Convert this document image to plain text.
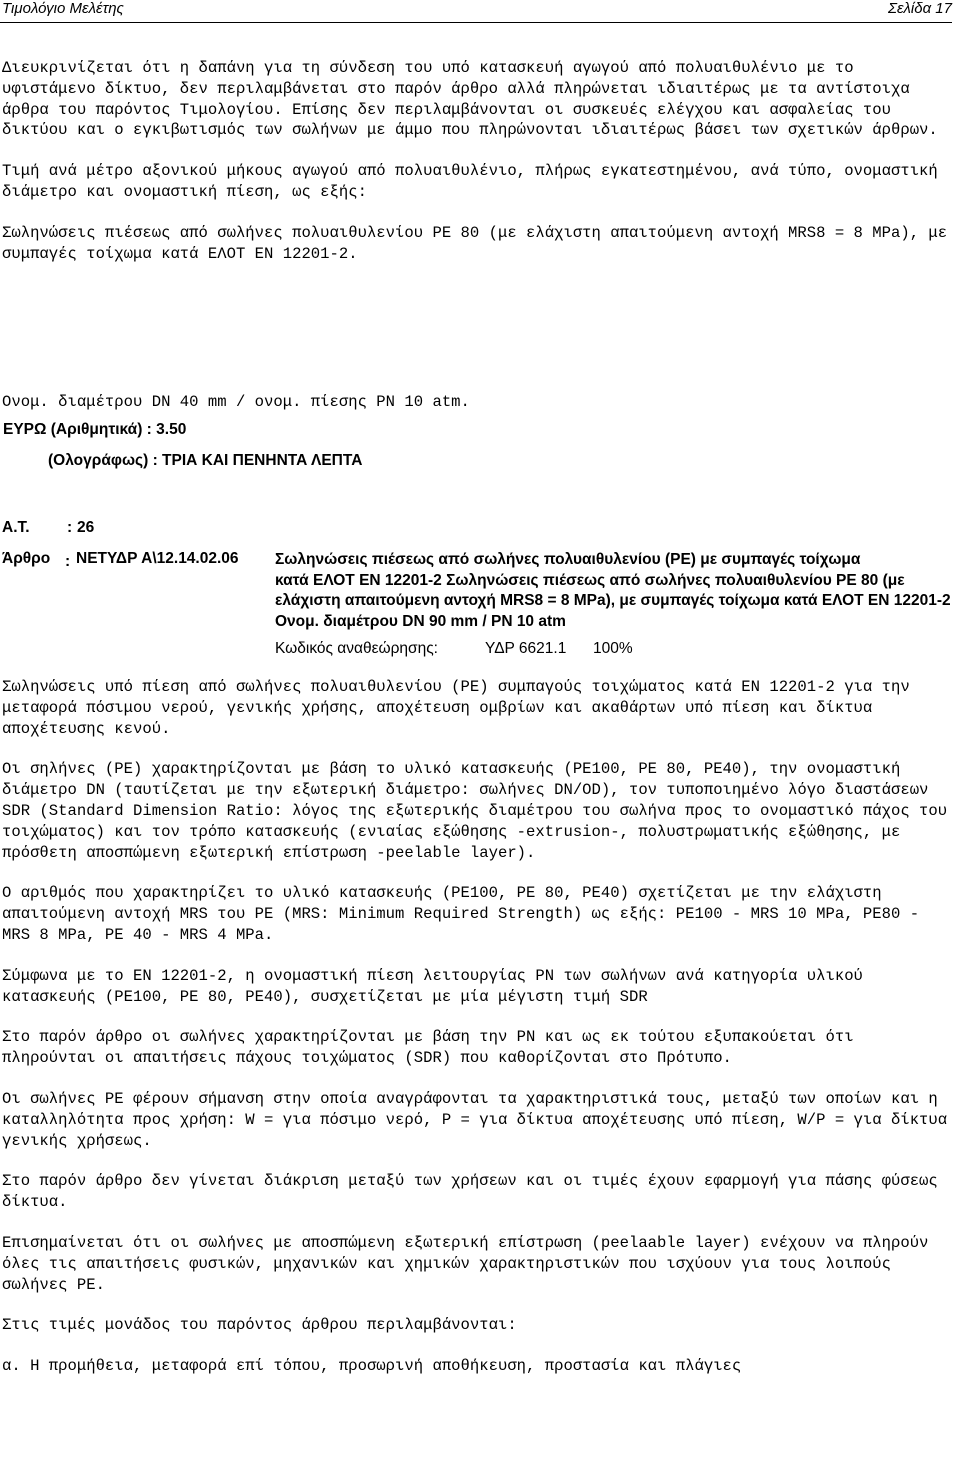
Τιμολόγιο Μελέτης	Σελίδα 17

Διευκρινίζεται ότι η δαπάνη για τη σύνδεση του υπό κατασκευή αγωγού από πολυαιθυλένιο με το υφιστάμενο δίκτυο, δεν περιλαμβάνεται στο παρόν άρθρο αλλά πληρώνεται ιδιαιτέρως με τα αντίστοιχα άρθρα του παρόντος Τιμολογίου. Επίσης δεν περιλαμβάνονται οι συσκευές ελέγχου και ασφαλείας του δικτύου και ο εγκιβωτισμός των σωλήνων με άμμο που πληρώνονται ιδιαιτέρως βάσει των σχετικών άρθρων.

Τιμή ανά μέτρο αξονικού μήκους αγωγού από πολυαιθυλένιο, πλήρως εγκατεστημένου, ανά τύπο, ονομαστική διάμετρο και ονομαστική πίεση, ως εξής:

Σωληνώσεις πιέσεως από σωλήνες πολυαιθυλενίου PE 80 (με ελάχιστη απαιτούμενη αντοχή MRS8 = 8 MPa), με συμπαγές τοίχωμα κατά ΕΛΟΤ ΕΝ 12201-2.

Ονομ. διαμέτρου DN 40 mm / ονομ. πίεσης PN 10 atm.
ΕΥΡΩ (Αριθμητικά) : 3.50
(Ολογράφως) : ΤΡΙΑ ΚΑΙ ΠΕΝΗΝΤΑ ΛΕΠΤΑ
Α.Τ. : 26
Άρθρο : ΝΕΤΥΔΡ Α\12.14.02.06 Σωληνώσεις πιέσεως από σωλήνες πολυαιθυλενίου (PE) με συμπαγές τοίχωμα
κατά ΕΛΟΤ ΕΝ 12201-2 Σωληνώσεις πιέσεως από σωλήνες πολυαιθυλενίου PE 80 (με ελάχιστη απαιτούμενη αντοχή MRS8 = 8 MPa), με συμπαγές τοίχωμα κατά ΕΛΟΤ ΕΝ 12201-2 Ονομ. διαμέτρου DN 90 mm / PN 10 atm
Κωδικός αναθεώρησης:	ΥΔΡ 6621.1 100%

Σωληνώσεις υπό πίεση από σωλήνες πολυαιθυλενίου (PE) συμπαγούς τοιχώματος κατά ΕΝ 12201-2 για την μεταφορά πόσιμου νερού, γενικής χρήσης, αποχέτευση ομβρίων και ακαθάρτων υπό πίεση και δίκτυα αποχέτευσης κενού.

Οι σηλήνες (PE) χαρακτηρίζονται με βάση το υλικό κατασκευής (PE100, PE 80, PE40), την ονομαστική διάμετρο DN (ταυτίζεται με την εξωτερική διάμετρο: σωλήνες DN/OD), τον τυποποιημένο λόγο διαστάσεων SDR (Standard Dimension Ratio: λόγος της εξωτερικής διαμέτρου του σωλήνα προς το ονομαστικό πάχος του τοιχώματος) και τον τρόπο κατασκευής (ενιαίας εξώθησης -extrusion-, πολυστρωματικής εξώθησης, με πρόσθετη αποσπώμενη εξωτερική επίστρωση -peelable layer).

Ο αριθμός που χαρακτηρίζει το υλικό κατασκευής (PE100, PE 80, PE40) σχετίζεται με την ελάχιστη απαιτούμενη αντοχή MRS του PE (MRS: Minimum Required Strength) ως εξής: PE100 - MRS 10 MPa, PE80 - MRS 8 MPa, PE 40 - MRS 4 MPa.

Σύμφωνα με το ΕΝ 12201-2, η ονομαστική πίεση λειτουργίας PN των σωλήνων ανά κατηγορία υλικού κατασκευής (PE100, PE 80, PE40), συσχετίζεται με μία μέγιστη τιμή SDR

Στο παρόν άρθρο οι σωλήνες χαρακτηρίζονται με βάση την PN και ως εκ τούτου εξυπακούεται ότι πληρούνται οι απαιτήσεις πάχους τοιχώματος (SDR) που καθορίζονται στο Πρότυπο.

Οι σωλήνες PE φέρουν σήμανση στην οποία αναγράφονται τα χαρακτηριστικά τους, μεταξύ των οποίων και η καταλληλότητα προς χρήση: W = για πόσιμο νερό, P = για δίκτυα αποχέτευσης υπό πίεση, W/P = για δίκτυα γενικής χρήσεως.

Στο παρόν άρθρο δεν γίνεται διάκριση μεταξύ των χρήσεων και οι τιμές έχουν εφαρμογή για πάσης φύσεως δίκτυα.

Επισημαίνεται ότι οι σωλήνες με αποσπώμενη εξωτερική επίστρωση (peelaable layer) ενέχουν να πληρούν όλες τις απαιτήσεις φυσικών, μηχανικών και χημικών χαρακτηριστικών που ισχύουν για τους λοιπούς σωλήνες PE.

Στις τιμές μονάδος του παρόντος άρθρου περιλαμβάνονται:

α. Η προμήθεια, μεταφορά επί τόπου, προσωρινή αποθήκευση, προστασία και πλάγιες
